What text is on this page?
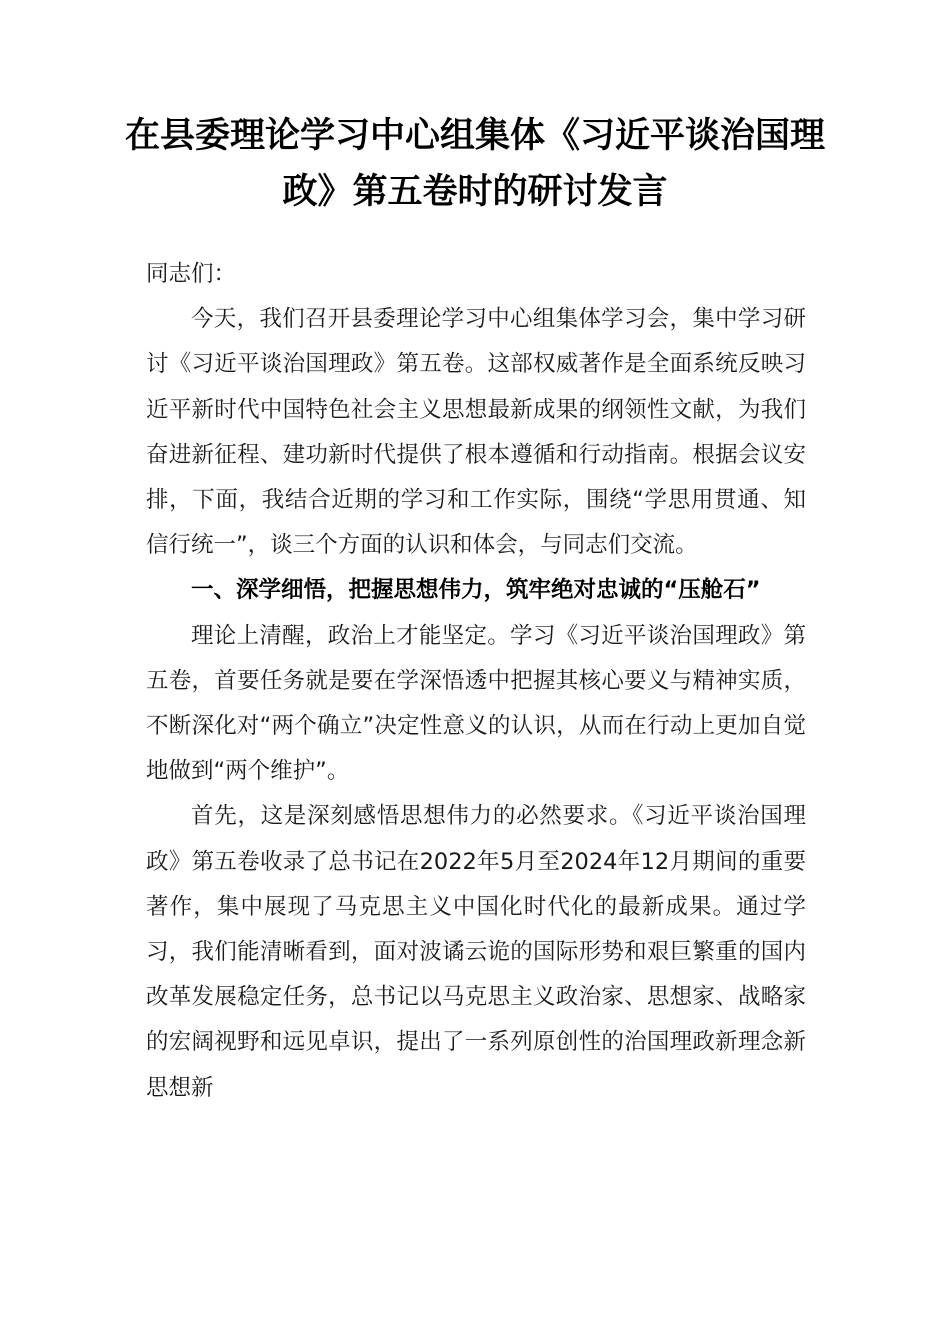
在县委理论学习中心组集体《习近平谈治国理政》第五卷时的研讨发言

同志们：

今天，我们召开县委理论学习中心组集体学习会，集中学习研讨《习近平谈治国理政》第五卷。这部权威著作是全面系统反映习近平新时代中国特色社会主义思想最新成果的纲领性文献，为我们奋进新征程、建功新时代提供了根本遵循和行动指南。根据会议安排，下面，我结合近期的学习和工作实际，围绕“学思用贯通、知信行统一”，谈三个方面的认识和体会，与同志们交流。

一、深学细悟，把握思想伟力，筑牢绝对忠诚的“压舱石”

理论上清醒，政治上才能坚定。学习《习近平谈治国理政》第五卷，首要任务就是要在学深悟透中把握其核心要义与精神实质，不断深化对“两个确立”决定性意义的认识，从而在行动上更加自觉地做到“两个维护”。

首先，这是深刻感悟思想伟力的必然要求。《习近平谈治国理政》第五卷收录了总书记在2022年5月至2024年12月期间的重要著作，集中展现了马克思主义中国化时代化的最新成果。通过学习，我们能清晰看到，面对波谲云诡的国际形势和艰巨繁重的国内改革发展稳定任务，总书记以马克思主义政治家、思想家、战略家的宏阔视野和远见卓识，提出了一系列原创性的治国理政新理念新思想新
